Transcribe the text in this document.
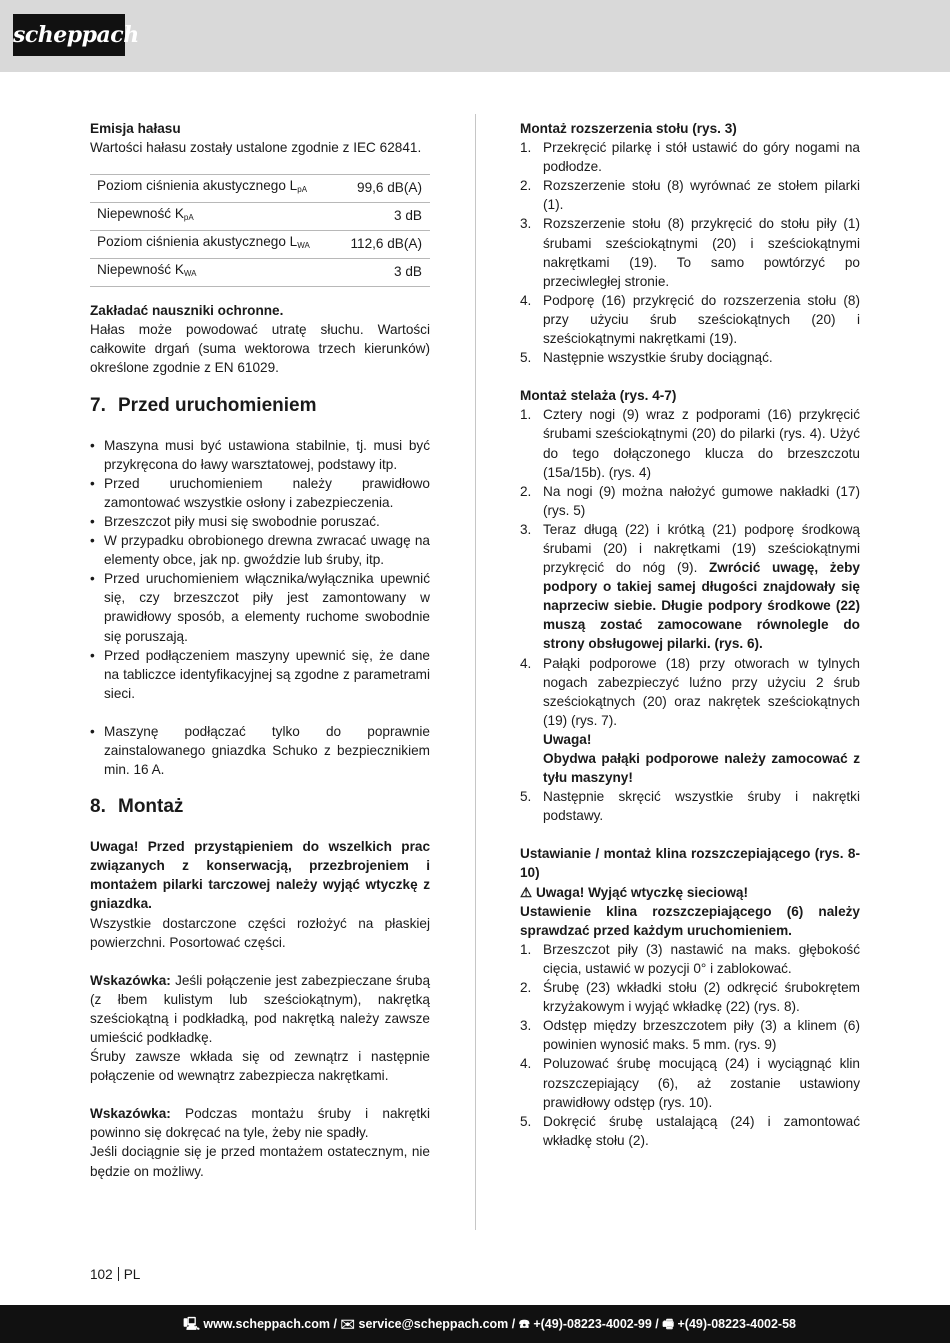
scheppach

Emisja hałasu

Wartości hałasu zostały ustalone zgodnie z IEC 62841.

Poziom ciśnienia akustycznego $L_{pA}$	99,6 dB(A)
Niepewność $K_{pA}$	3 dB
Poziom ciśnienia akustycznego $L_{WA}$	112,6 dB(A)
Niepewność $K_{WA}$	3 dB

Zakładać nauszniki ochronne.

Hałas może powodować utratę słuchu. Wartości całkowite drgań (suma wektorowa trzech kierunków) określone zgodnie z EN 61029.

7. Przed uruchomieniem
• Maszyna musi być ustawiona stabilnie, tj. musi być przykręcona do ławy warsztatowej, podstawy itp.
• Przed uruchomieniem należy prawidłowo zamontować wszystkie osłony i zabezpieczenia.
• Brzeszczot piły musi się swobodnie poruszać.
• W przypadku obrobionego drewna zwracać uwagę na elementy obce, jak np. gwoździe lub śruby, itp.
• Przed uruchomieniem włącznika/wyłącznika upewnić się, czy brzeszczot piły jest zamontowany w prawidłowy sposób, a elementy ruchome swobodnie się poruszają.
• Przed podłączeniem maszyny upewnić się, że dane na tabliczce identyfikacyjnej są zgodne z parametrami sieci.
• Maszynę podłączać tylko do poprawnie zainstalowanego gniazdka Schuko z bezpiecznikiem min. 16 A.
8. Montaż

Uwaga! Przed przystąpieniem do wszelkich prac związanych z konserwacją, przezbrojeniem i montażem pilarki tarczowej należy wyjąć wtyczkę z gniazdka.

Wszystkie dostarczone części rozłożyć na płaskiej powierzchni. Posortować części.

Wskazówka: Jeśli połączenie jest zabezpieczane śrubą (z łbem kulistym lub sześciokątnym), nakrętką sześciokątną i podkładką, pod nakrętką należy zawsze umieścić podkładkę.

Śruby zawsze wkłada się od zewnątrz i następnie połączenie od wewnątrz zabezpiecza nakrętkami.

Wskazówka: Podczas montażu śruby i nakrętki powinno się dokręcać na tyle, żeby nie spadły.

Jeśli dociągnie się je przed montażem ostatecznym, nie będzie on możliwy.

Montaż rozszerzenia stołu (rys. 3)

1. Przekręcić pilarkę i stół ustawić do góry nogami na podłodze.
2. Rozszerzenie stołu (8) wyrównać ze stołem pilarki (1).
3. Rozszerzenie stołu (8) przykręcić do stołu piły (1) śrubami sześciokątnymi (20) i sześciokątnymi nakrętkami (19). To samo powtórzyć po przeciwległej stronie.
4. Podporę (16) przykręcić do rozszerzenia stołu (8) przy użyciu śrub sześciokątnych (20) i sześciokątnymi nakrętkami (19).
5. Następnie wszystkie śruby dociągnąć.

Montaż stelaża (rys. 4-7)

1. Cztery nogi (9) wraz z podporami (16) przykręcić śrubami sześciokątnymi (20) do pilarki (rys. 4). Użyć do tego dołączonego klucza do brzeszczotu (15a/15b). (rys. 4)
2. Na nogi (9) można nałożyć gumowe nakładki (17) (rys. 5)
3. Teraz długą (22) i krótką (21) podporę środkową śrubami (20) i nakrętkami (19) sześciokątnymi przykręcić do nóg (9). Zwrócić uwagę, żeby podpory o takiej samej długości znajdowały się naprzeciw siebie. Długie podpory środkowe (22) muszą zostać zamocowane równolegle do strony obsługowej pilarki. (rys. 6).
4. Pałąki podporowe (18) przy otworach w tylnych nogach zabezpieczyć luźno przy użyciu 2 śrub sześciokątnych (20) oraz nakrętek sześciokątnych (19) (rys. 7).
Uwaga!
Obydwa pałąki podporowe należy zamocować z tyłu maszyny!
5. Następnie skręcić wszystkie śruby i nakrętki podstawy.

Ustawianie / montaż klina rozszczepiającego (rys. 8-10)

⚠ Uwaga! Wyjąć wtyczkę sieciową!

Ustawienie klina rozszczepiającego (6) należy sprawdzać przed każdym uruchomieniem.

1. Brzeszczot piły (3) nastawić na maks. głębokość cięcia, ustawić w pozycji 0° i zablokować.
2. Śrubę (23) wkładki stołu (2) odkręcić śrubokrętem krzyżakowym i wyjąć wkładkę (22) (rys. 8).
3. Odstęp między brzeszczotem piły (3) a klinem (6) powinien wynosić maks. 5 mm. (rys. 9)
4. Poluzować śrubę mocującą (24) i wyciągnąć klin rozszczepiający (6), aż zostanie ustawiony prawidłowy odstęp (rys. 10).
5. Dokręcić śrubę ustalającą (24) i zamontować wkładkę stołu (2).
102 PL
🖳 www.scheppach.com / ✉ service@scheppach.com / ☎ +(49)-08223-4002-99 / 🖷 +(49)-08223-4002-58
